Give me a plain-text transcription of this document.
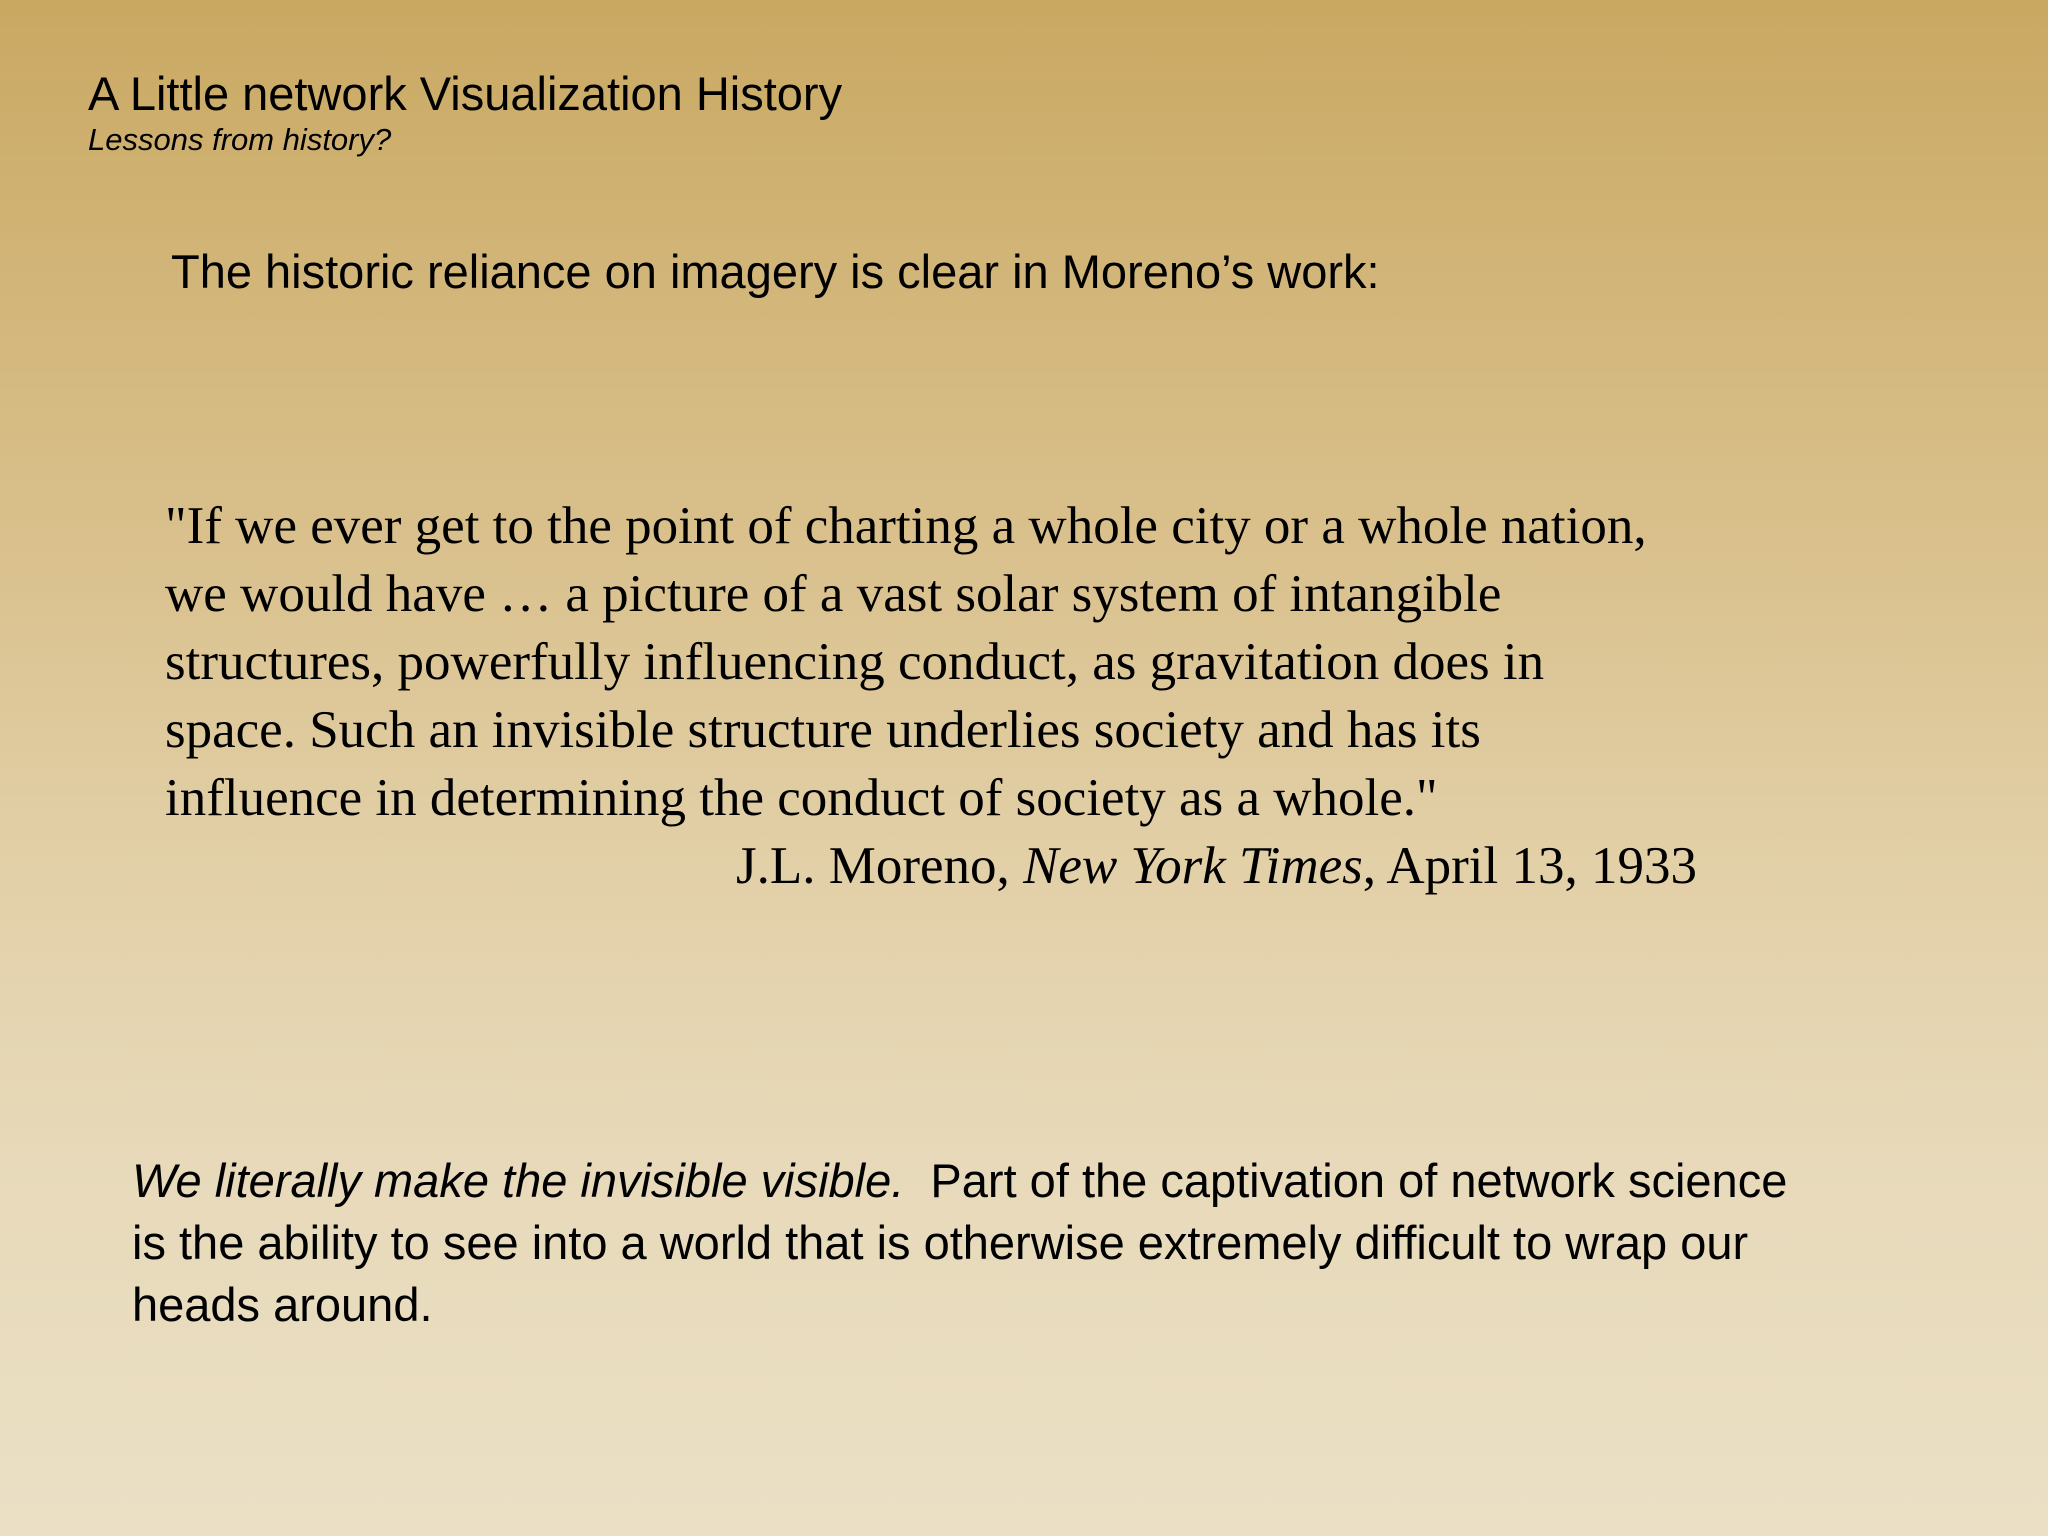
A Little network Visualization History
Lessons from history?
The historic reliance on imagery is clear in Moreno’s work:
"If we ever get to the point of charting a whole city or a whole nation,
we would have … a picture of a vast solar system of intangible
structures, powerfully influencing conduct, as gravitation does in
space. Such an invisible structure underlies society and has its
influence in determining the conduct of society as a whole."
J.L. Moreno, New York Times, April 13, 1933
We literally make the invisible visible.  Part of the captivation of network science
is the ability to see into a world that is otherwise extremely difficult to wrap our
heads around.
